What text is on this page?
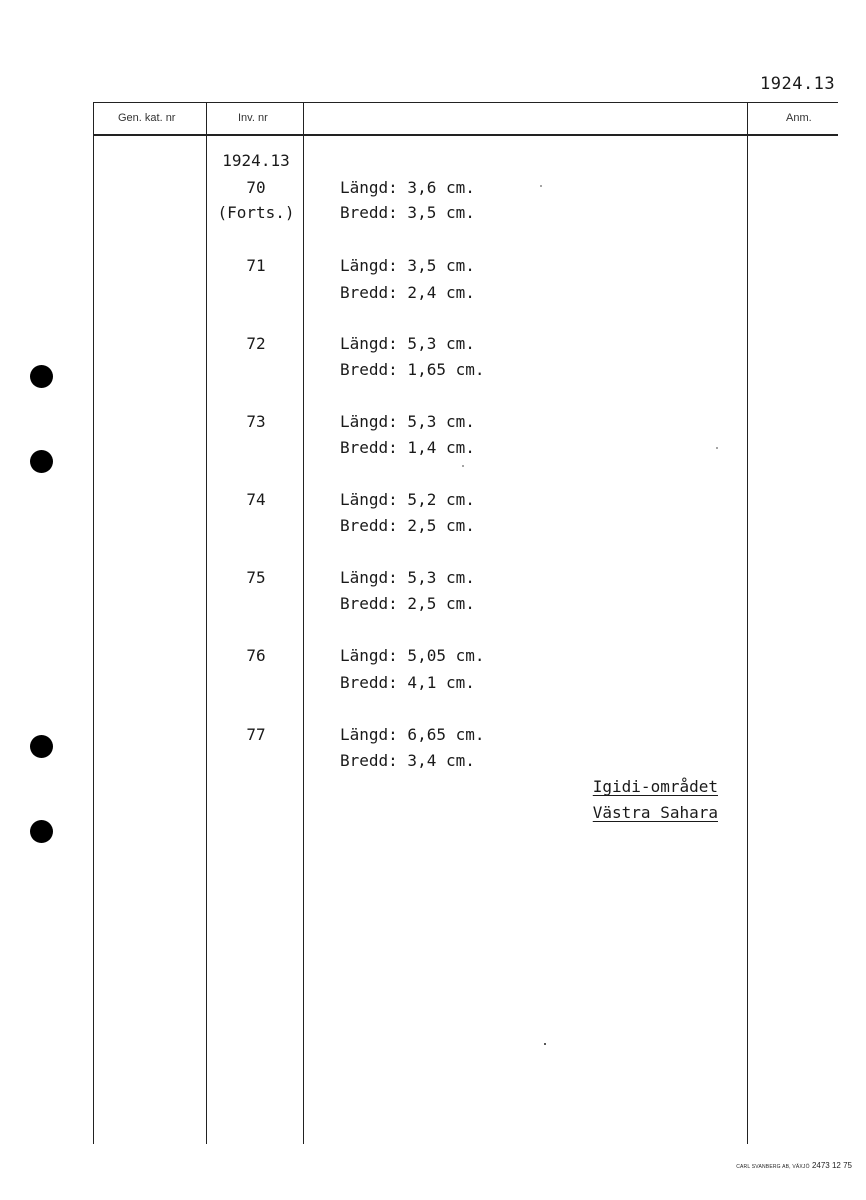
1924.13
Gen. kat. nr	Inv. nr	Anm.
1924.13
70
(Forts.)
71
72
73
74
75
76
77
Längd: 3,6 cm.
Bredd: 3,5 cm.
Längd: 3,5 cm.
Bredd: 2,4 cm.
Längd: 5,3 cm.
Bredd: 1,65 cm.
Längd: 5,3 cm.
Bredd: 1,4 cm.
Längd: 5,2 cm.
Bredd: 2,5 cm.
Längd: 5,3 cm.
Bredd: 2,5 cm.
Längd: 5,05 cm.
Bredd: 4,1 cm.
Längd: 6,65 cm.
Bredd: 3,4 cm.
Igidi-området
Västra Sahara
CARL SVANBERG AB, VÄXJÖ 2473 12 75
